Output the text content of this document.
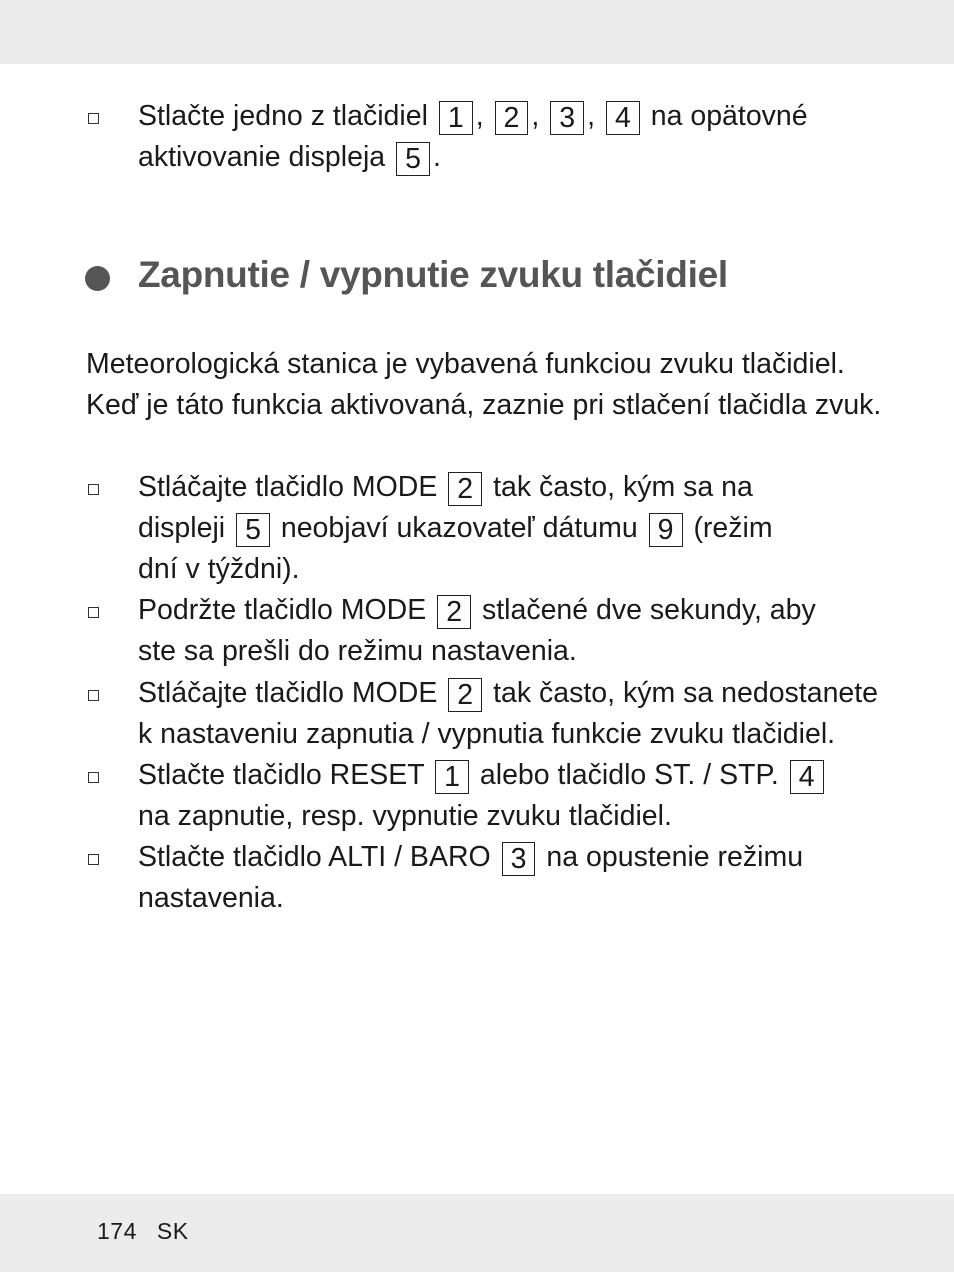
Stlačte jedno z tlačidiel 1 , 2 , 3 , 4 na opätovné
aktivovanie displeja 5 .
Zapnutie / vypnutie zvuku tlačidiel
Meteorologická stanica je vybavená funkciou zvuku tlačidiel.
Keď je táto funkcia aktivovaná, zaznie pri stlačení tlačidla zvuk.
Stláčajte tlačidlo MODE 2 tak často, kým sa na
displeji 5 neobjaví ukazovateľ dátumu 9 (režim
dní v týždni).
Podržte tlačidlo MODE 2 stlačené dve sekundy, aby
ste sa prešli do režimu nastavenia.
Stláčajte tlačidlo MODE 2 tak často, kým sa nedostanete
k nastaveniu zapnutia / vypnutia funkcie zvuku tlačidiel.
Stlačte tlačidlo RESET 1 alebo tlačidlo ST. / STP. 4
na zapnutie, resp. vypnutie zvuku tlačidiel.
Stlačte tlačidlo ALTI / BARO 3 na opustenie režimu
nastavenia.
174 SK
